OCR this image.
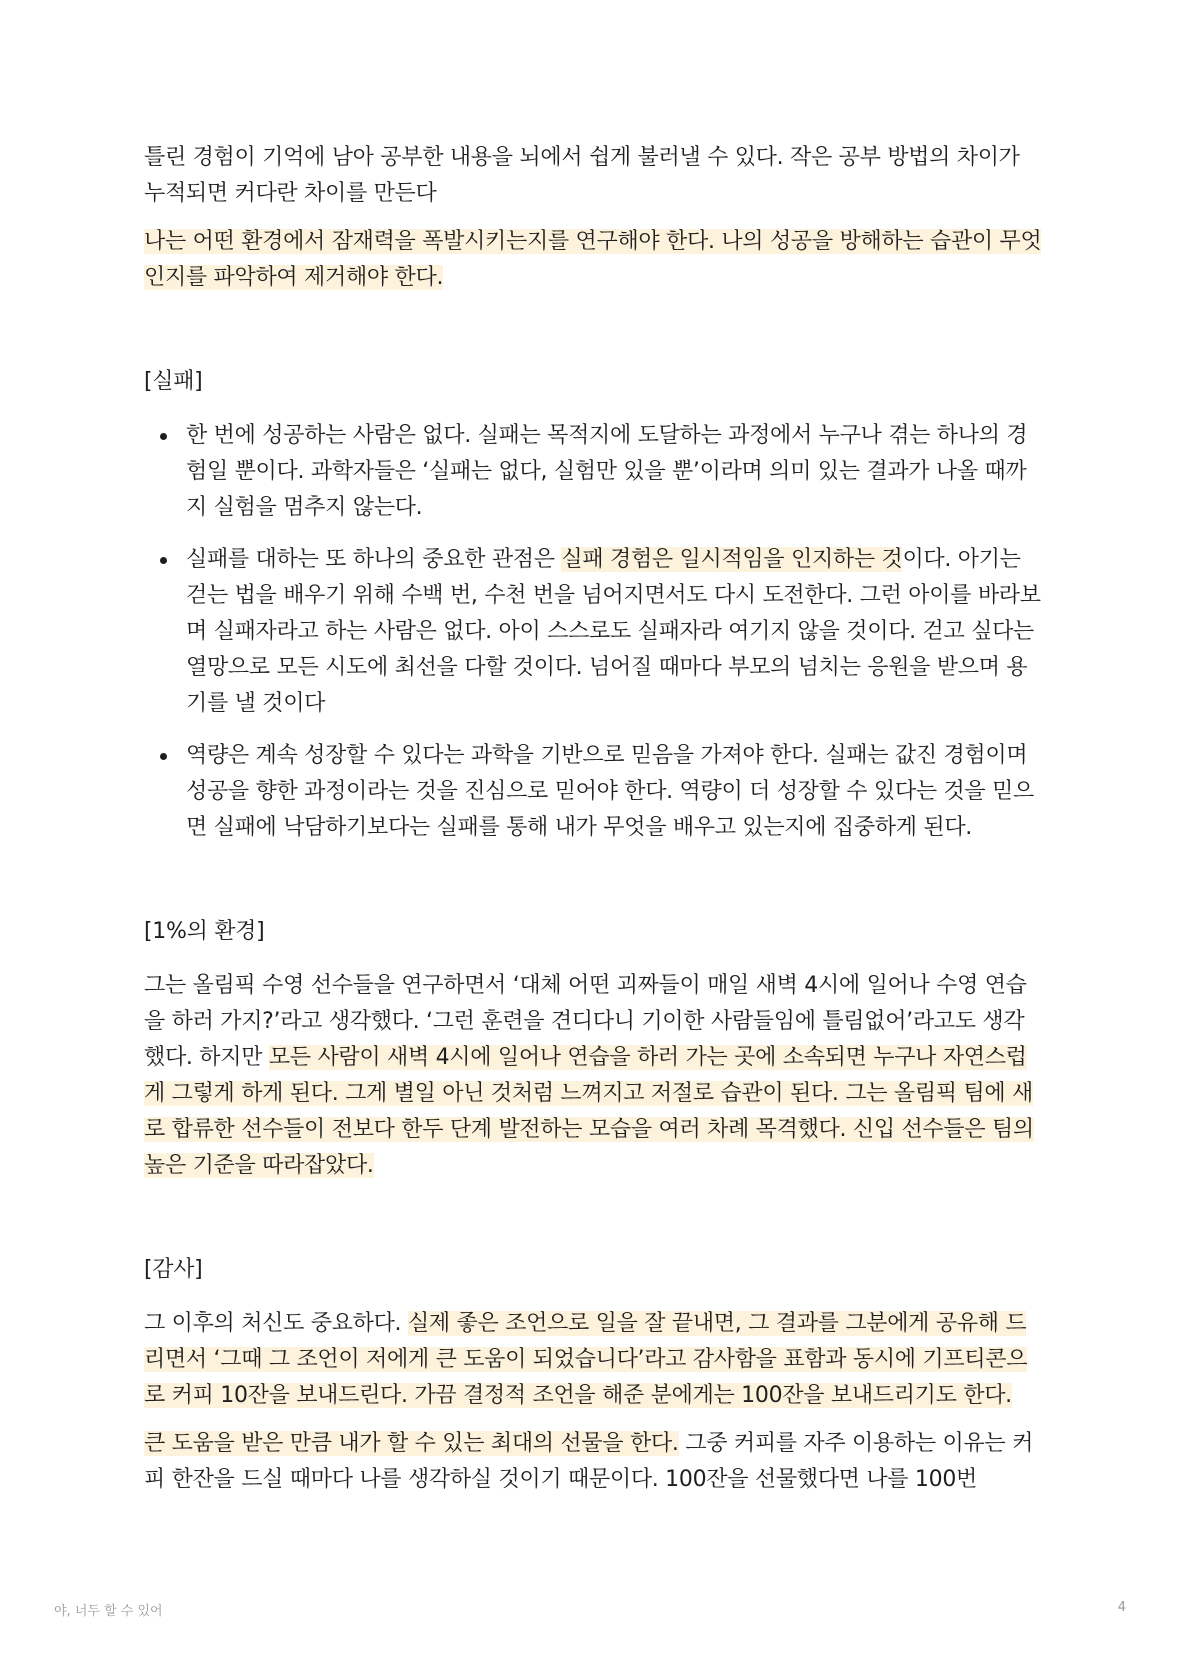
틀린 경험이 기억에 남아 공부한 내용을 뇌에서 쉽게 불러낼 수 있다. 작은 공부 방법의 차이가 누적되면 커다란 차이를 만든다

나는 어떤 환경에서 잠재력을 폭발시키는지를 연구해야 한다. 나의 성공을 방해하는 습관이 무엇인지를 파악하여 제거해야 한다.

[실패]

한 번에 성공하는 사람은 없다. 실패는 목적지에 도달하는 과정에서 누구나 겪는 하나의 경험일 뿐이다. 과학자들은 ‘실패는 없다, 실험만 있을 뿐’이라며 의미 있는 결과가 나올 때까지 실험을 멈추지 않는다.
실패를 대하는 또 하나의 중요한 관점은 실패 경험은 일시적임을 인지하는 것이다. 아기는 걷는 법을 배우기 위해 수백 번, 수천 번을 넘어지면서도 다시 도전한다. 그런 아이를 바라보며 실패자라고 하는 사람은 없다. 아이 스스로도 실패자라 여기지 않을 것이다. 걷고 싶다는 열망으로 모든 시도에 최선을 다할 것이다. 넘어질 때마다 부모의 넘치는 응원을 받으며 용기를 낼 것이다
역량은 계속 성장할 수 있다는 과학을 기반으로 믿음을 가져야 한다. 실패는 값진 경험이며 성공을 향한 과정이라는 것을 진심으로 믿어야 한다. 역량이 더 성장할 수 있다는 것을 믿으면 실패에 낙담하기보다는 실패를 통해 내가 무엇을 배우고 있는지에 집중하게 된다.

[1%의 환경]

그는 올림픽 수영 선수들을 연구하면서 ‘대체 어떤 괴짜들이 매일 새벽 4시에 일어나 수영 연습을 하러 가지?’라고 생각했다. ‘그런 훈련을 견디다니 기이한 사람들임에 틀림없어’라고도 생각했다. 하지만 모든 사람이 새벽 4시에 일어나 연습을 하러 가는 곳에 소속되면 누구나 자연스럽게 그렇게 하게 된다. 그게 별일 아닌 것처럼 느껴지고 저절로 습관이 된다. 그는 올림픽 팀에 새로 합류한 선수들이 전보다 한두 단계 발전하는 모습을 여러 차례 목격했다. 신입 선수들은 팀의 높은 기준을 따라잡았다.

[감사]

그 이후의 처신도 중요하다. 실제 좋은 조언으로 일을 잘 끝내면, 그 결과를 그분에게 공유해 드리면서 ‘그때 그 조언이 저에게 큰 도움이 되었습니다’라고 감사함을 표함과 동시에 기프티콘으로 커피 10잔을 보내드린다. 가끔 결정적 조언을 해준 분에게는 100잔을 보내드리기도 한다.

큰 도움을 받은 만큼 내가 할 수 있는 최대의 선물을 한다. 그중 커피를 자주 이용하는 이유는 커피 한잔을 드실 때마다 나를 생각하실 것이기 때문이다. 100잔을 선물했다면 나를 100번

야, 너두 할 수 있어	4
